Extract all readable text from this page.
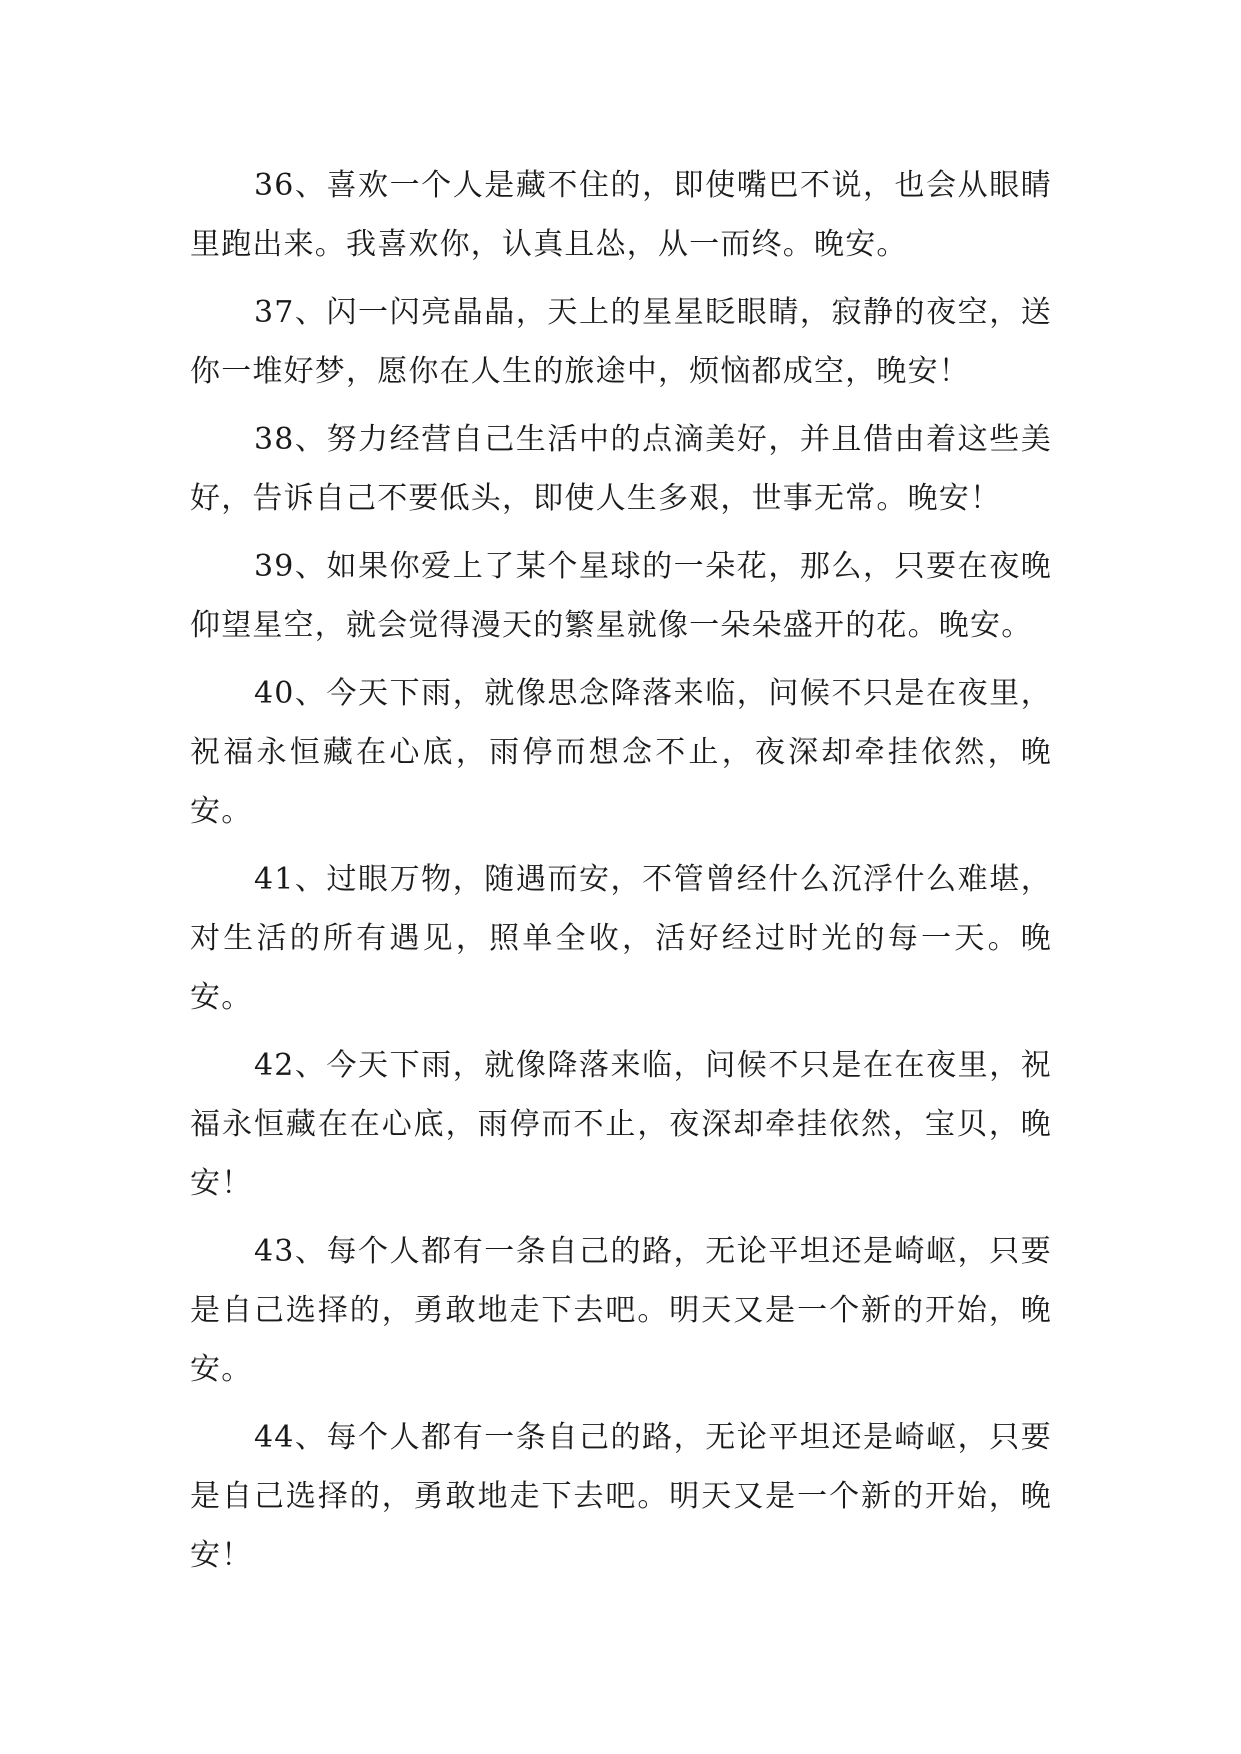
36、喜欢一个人是藏不住的，即使嘴巴不说，也会从眼睛里跑出来。我喜欢你，认真且怂，从一而终。晚安。

37、闪一闪亮晶晶，天上的星星眨眼睛，寂静的夜空，送你一堆好梦，愿你在人生的旅途中，烦恼都成空，晚安！

38、努力经营自己生活中的点滴美好，并且借由着这些美好，告诉自己不要低头，即使人生多艰，世事无常。晚安！

39、如果你爱上了某个星球的一朵花，那么，只要在夜晚仰望星空，就会觉得漫天的繁星就像一朵朵盛开的花。晚安。

40、今天下雨，就像思念降落来临，问候不只是在夜里，祝福永恒藏在心底，雨停而想念不止，夜深却牵挂依然，晚安。

41、过眼万物，随遇而安，不管曾经什么沉浮什么难堪，对生活的所有遇见，照单全收，活好经过时光的每一天。晚安。

42、今天下雨，就像降落来临，问候不只是在在夜里，祝福永恒藏在在心底，雨停而不止，夜深却牵挂依然，宝贝，晚安！

43、每个人都有一条自己的路，无论平坦还是崎岖，只要是自己选择的，勇敢地走下去吧。明天又是一个新的开始，晚安。

44、每个人都有一条自己的路，无论平坦还是崎岖，只要是自己选择的，勇敢地走下去吧。明天又是一个新的开始，晚安！
